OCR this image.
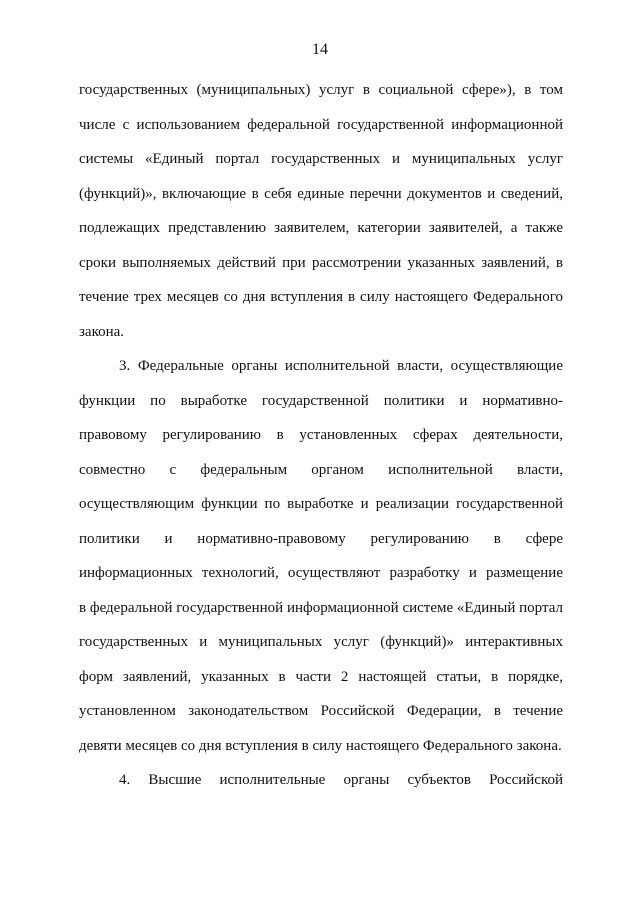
14

государственных (муниципальных) услуг в социальной сфере»), в том
числе с использованием федеральной государственной информационной
системы «Единый портал государственных и муниципальных услуг
(функций)», включающие в себя единые перечни документов и сведений,
подлежащих представлению заявителем, категории заявителей, а также
сроки выполняемых действий при рассмотрении указанных заявлений, в
течение трех месяцев со дня вступления в силу настоящего Федерального
закона.

3. Федеральные органы исполнительной власти, осуществляющие
функции по выработке государственной политики и нормативно-
правовому регулированию в установленных сферах деятельности,
совместно с федеральным органом исполнительной власти,
осуществляющим функции по выработке и реализации государственной
политики и нормативно-правовому регулированию в сфере
информационных технологий, осуществляют разработку и размещение
в федеральной государственной информационной системе «Единый портал
государственных и муниципальных услуг (функций)» интерактивных
форм заявлений, указанных в части 2 настоящей статьи, в порядке,
установленном законодательством Российской Федерации, в течение
девяти месяцев со дня вступления в силу настоящего Федерального закона.

4. Высшие исполнительные органы субъектов Российской
